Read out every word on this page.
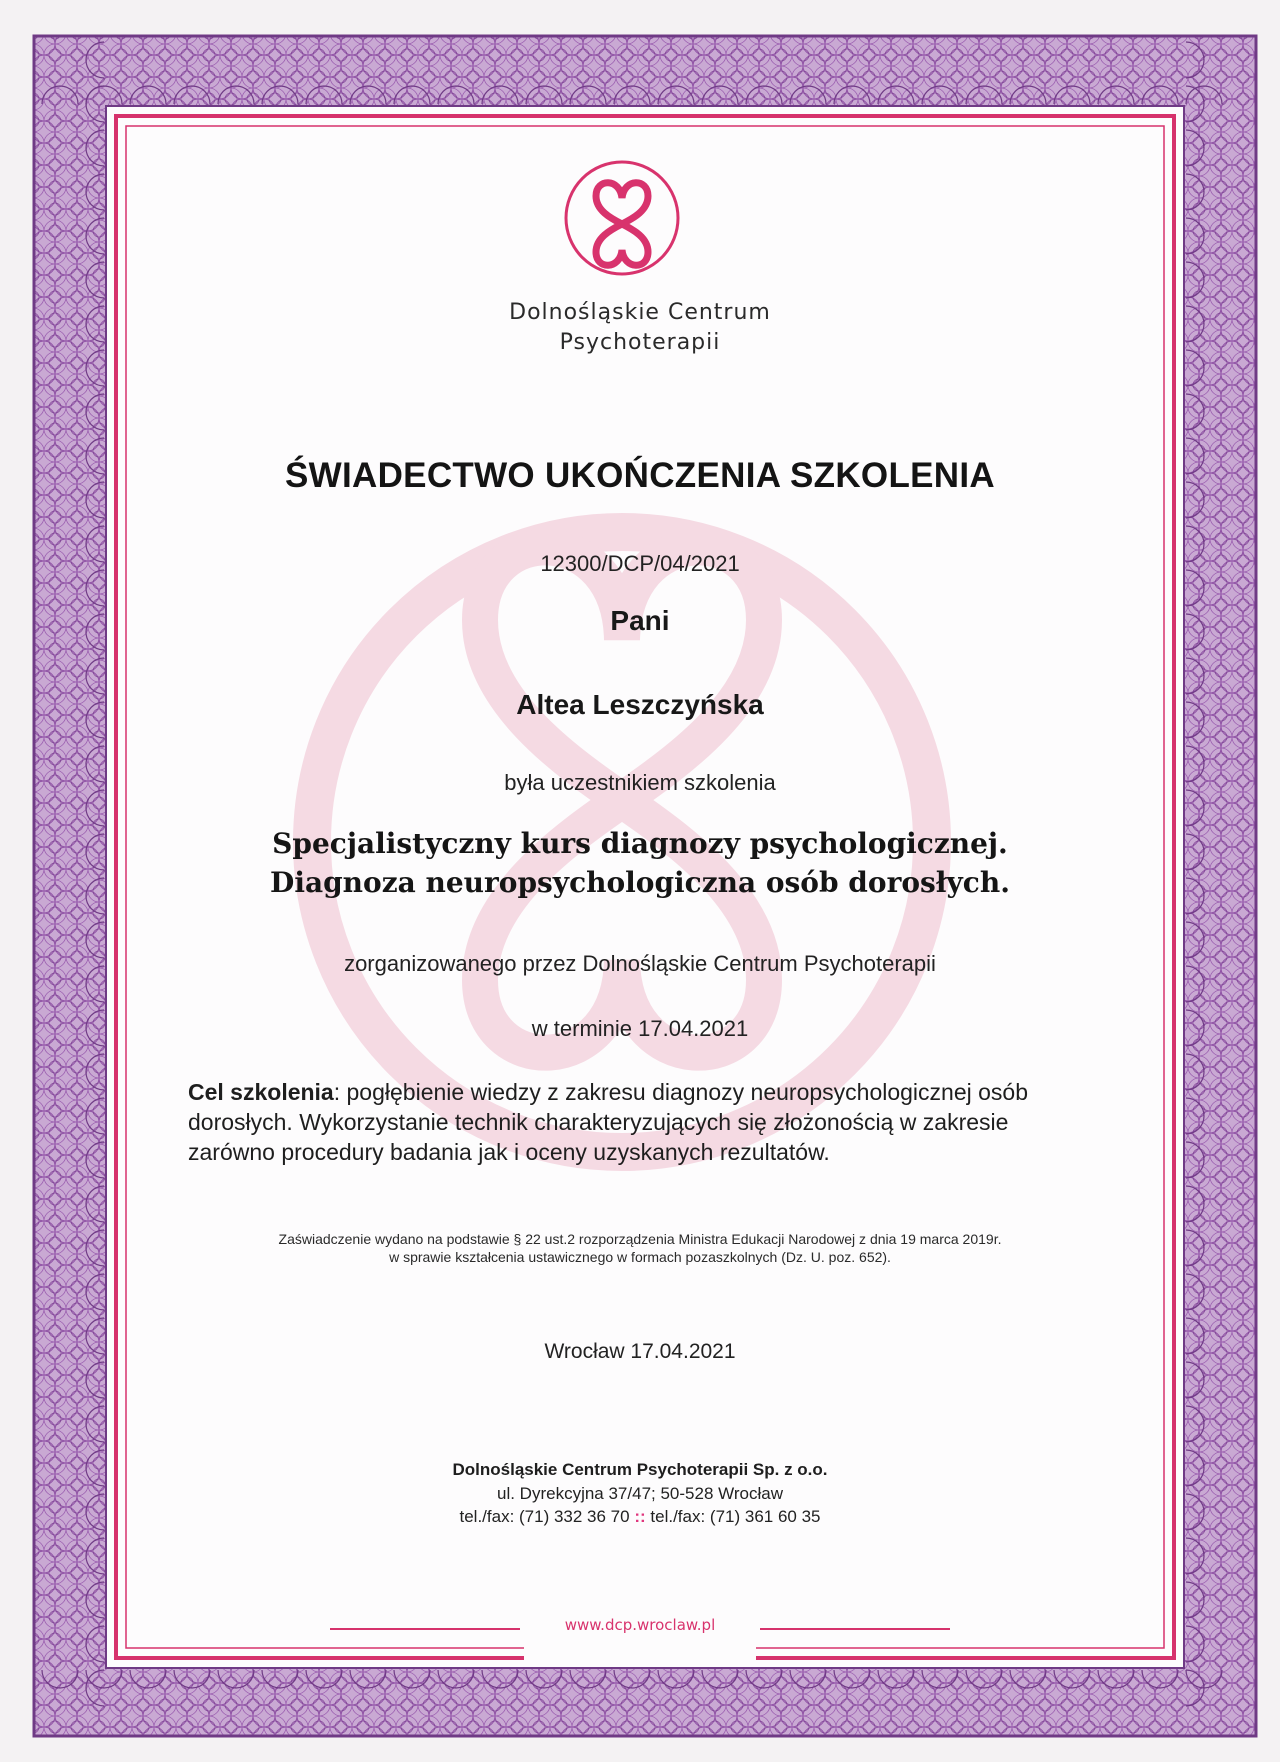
Dolnośląskie Centrum
Psychoterapii
ŚWIADECTWO UKOŃCZENIA SZKOLENIA
12300/DCP/04/2021
Pani
Altea Leszczyńska
była uczestnikiem szkolenia
Specjalistyczny kurs diagnozy psychologicznej.
Diagnoza neuropsychologiczna osób dorosłych.
zorganizowanego przez Dolnośląskie Centrum Psychoterapii
w terminie 17.04.2021
Cel szkolenia: pogłębienie wiedzy z zakresu diagnozy neuropsychologicznej osób dorosłych. Wykorzystanie technik charakteryzujących się złożonością w zakresie zarówno procedury badania jak i oceny uzyskanych rezultatów.
Zaświadczenie wydano na podstawie § 22 ust.2 rozporządzenia Ministra Edukacji Narodowej z dnia 19 marca 2019r.
w sprawie kształcenia ustawicznego w formach pozaszkolnych (Dz. U. poz. 652).
Wrocław 17.04.2021
Dolnośląskie Centrum Psychoterapii Sp. z o.o.
ul. Dyrekcyjna 37/47; 50-528 Wrocław
tel./fax: (71) 332 36 70 :: tel./fax: (71) 361 60 35
www.dcp.wroclaw.pl
